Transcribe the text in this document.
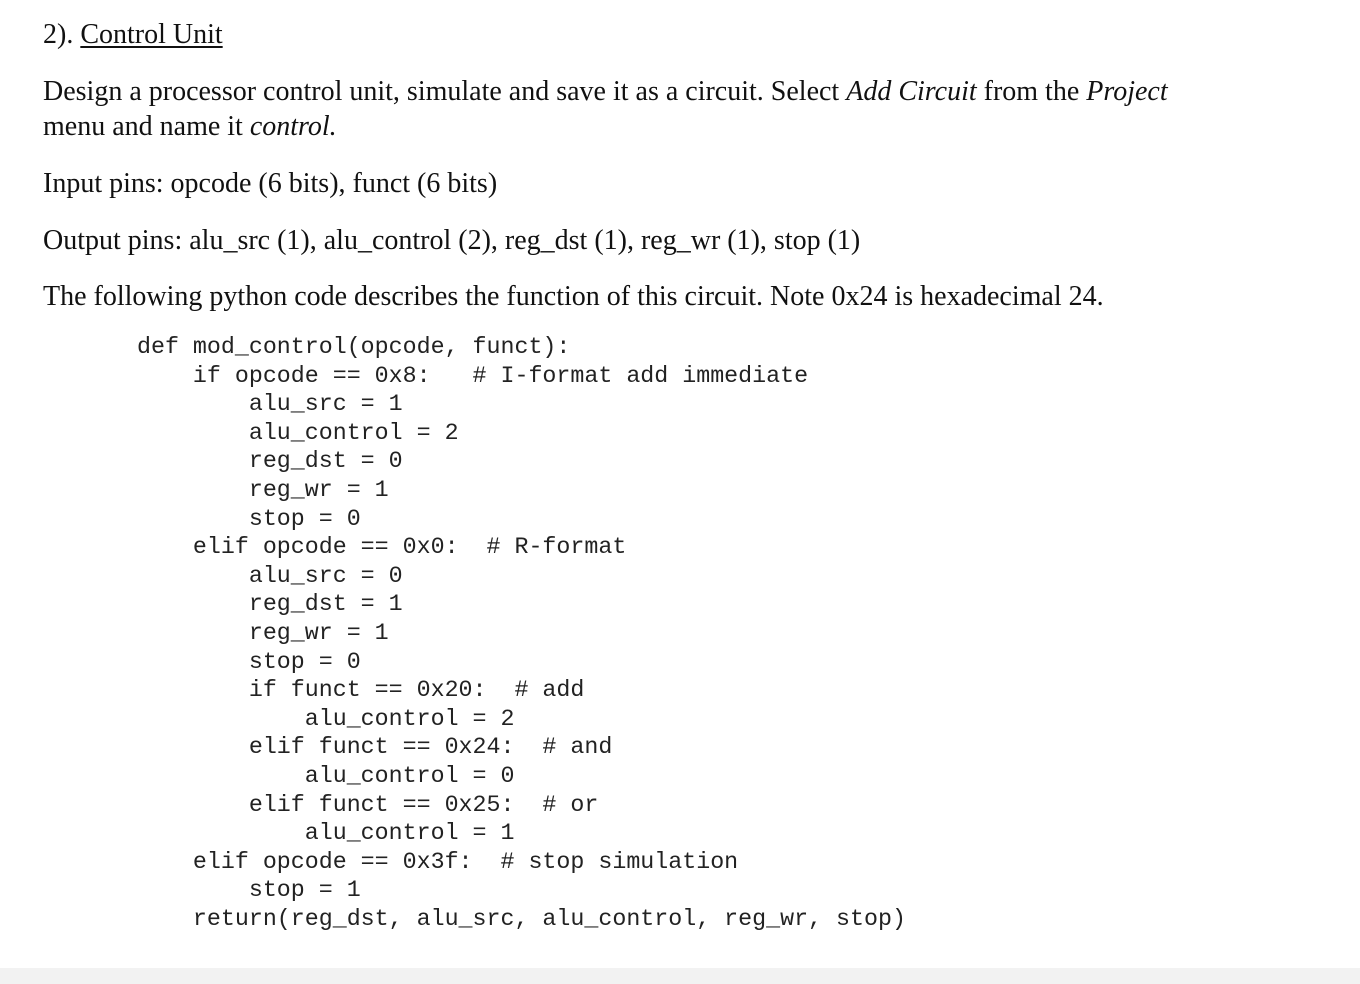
2). Control Unit
Design a processor control unit, simulate and save it as a circuit. Select Add Circuit from the Project
menu and name it control.
Input pins: opcode (6 bits), funct (6 bits)
Output pins: alu_src (1), alu_control (2), reg_dst (1), reg_wr (1), stop (1)
The following python code describes the function of this circuit. Note 0x24 is hexadecimal 24.
def mod_control(opcode, funct):
if opcode == 0x8:   # I-format add immediate
alu_src = 1
alu_control = 2
reg_dst = 0
reg_wr = 1
stop = 0
elif opcode == 0x0:  # R-format
alu_src = 0
reg_dst = 1
reg_wr = 1
stop = 0
if funct == 0x20:  # add
alu_control = 2
elif funct == 0x24:  # and
alu_control = 0
elif funct == 0x25:  # or
alu_control = 1
elif opcode == 0x3f:  # stop simulation
stop = 1
return(reg_dst, alu_src, alu_control, reg_wr, stop)
